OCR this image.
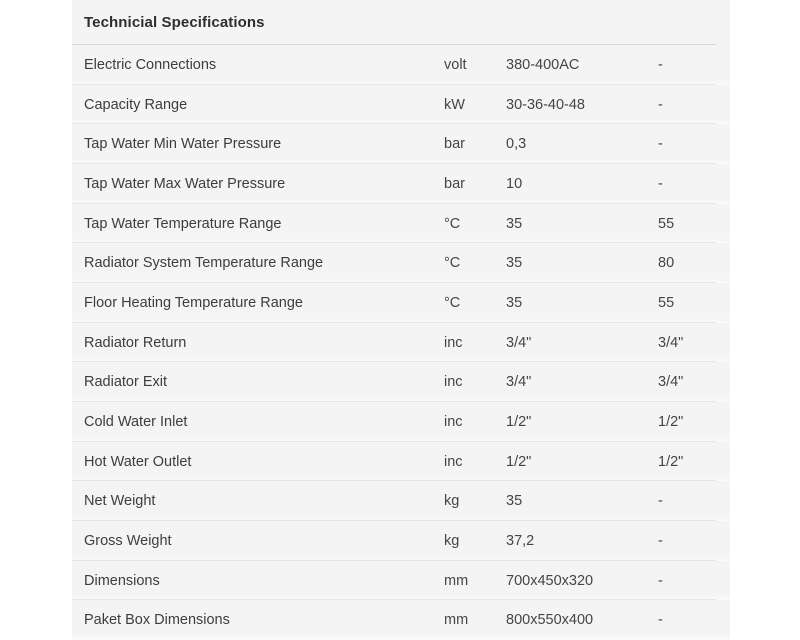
Technicial Specifications
Electric Connections	volt	380-400AC	-
Capacity Range	kW	30-36-40-48	-
Tap Water Min Water Pressure	bar	0,3	-
Tap Water Max Water Pressure	bar	10	-
Tap Water Temperature Range	°C	35	55
Radiator System Temperature Range	°C	35	80
Floor Heating Temperature Range	°C	35	55
Radiator Return	inc	3/4"	3/4"
Radiator Exit	inc	3/4"	3/4"
Cold Water Inlet	inc	1/2"	1/2"
Hot Water Outlet	inc	1/2"	1/2"
Net Weight	kg	35	-
Gross Weight	kg	37,2	-
Dimensions	mm	700x450x320	-
Paket Box Dimensions	mm	800x550x400	-
